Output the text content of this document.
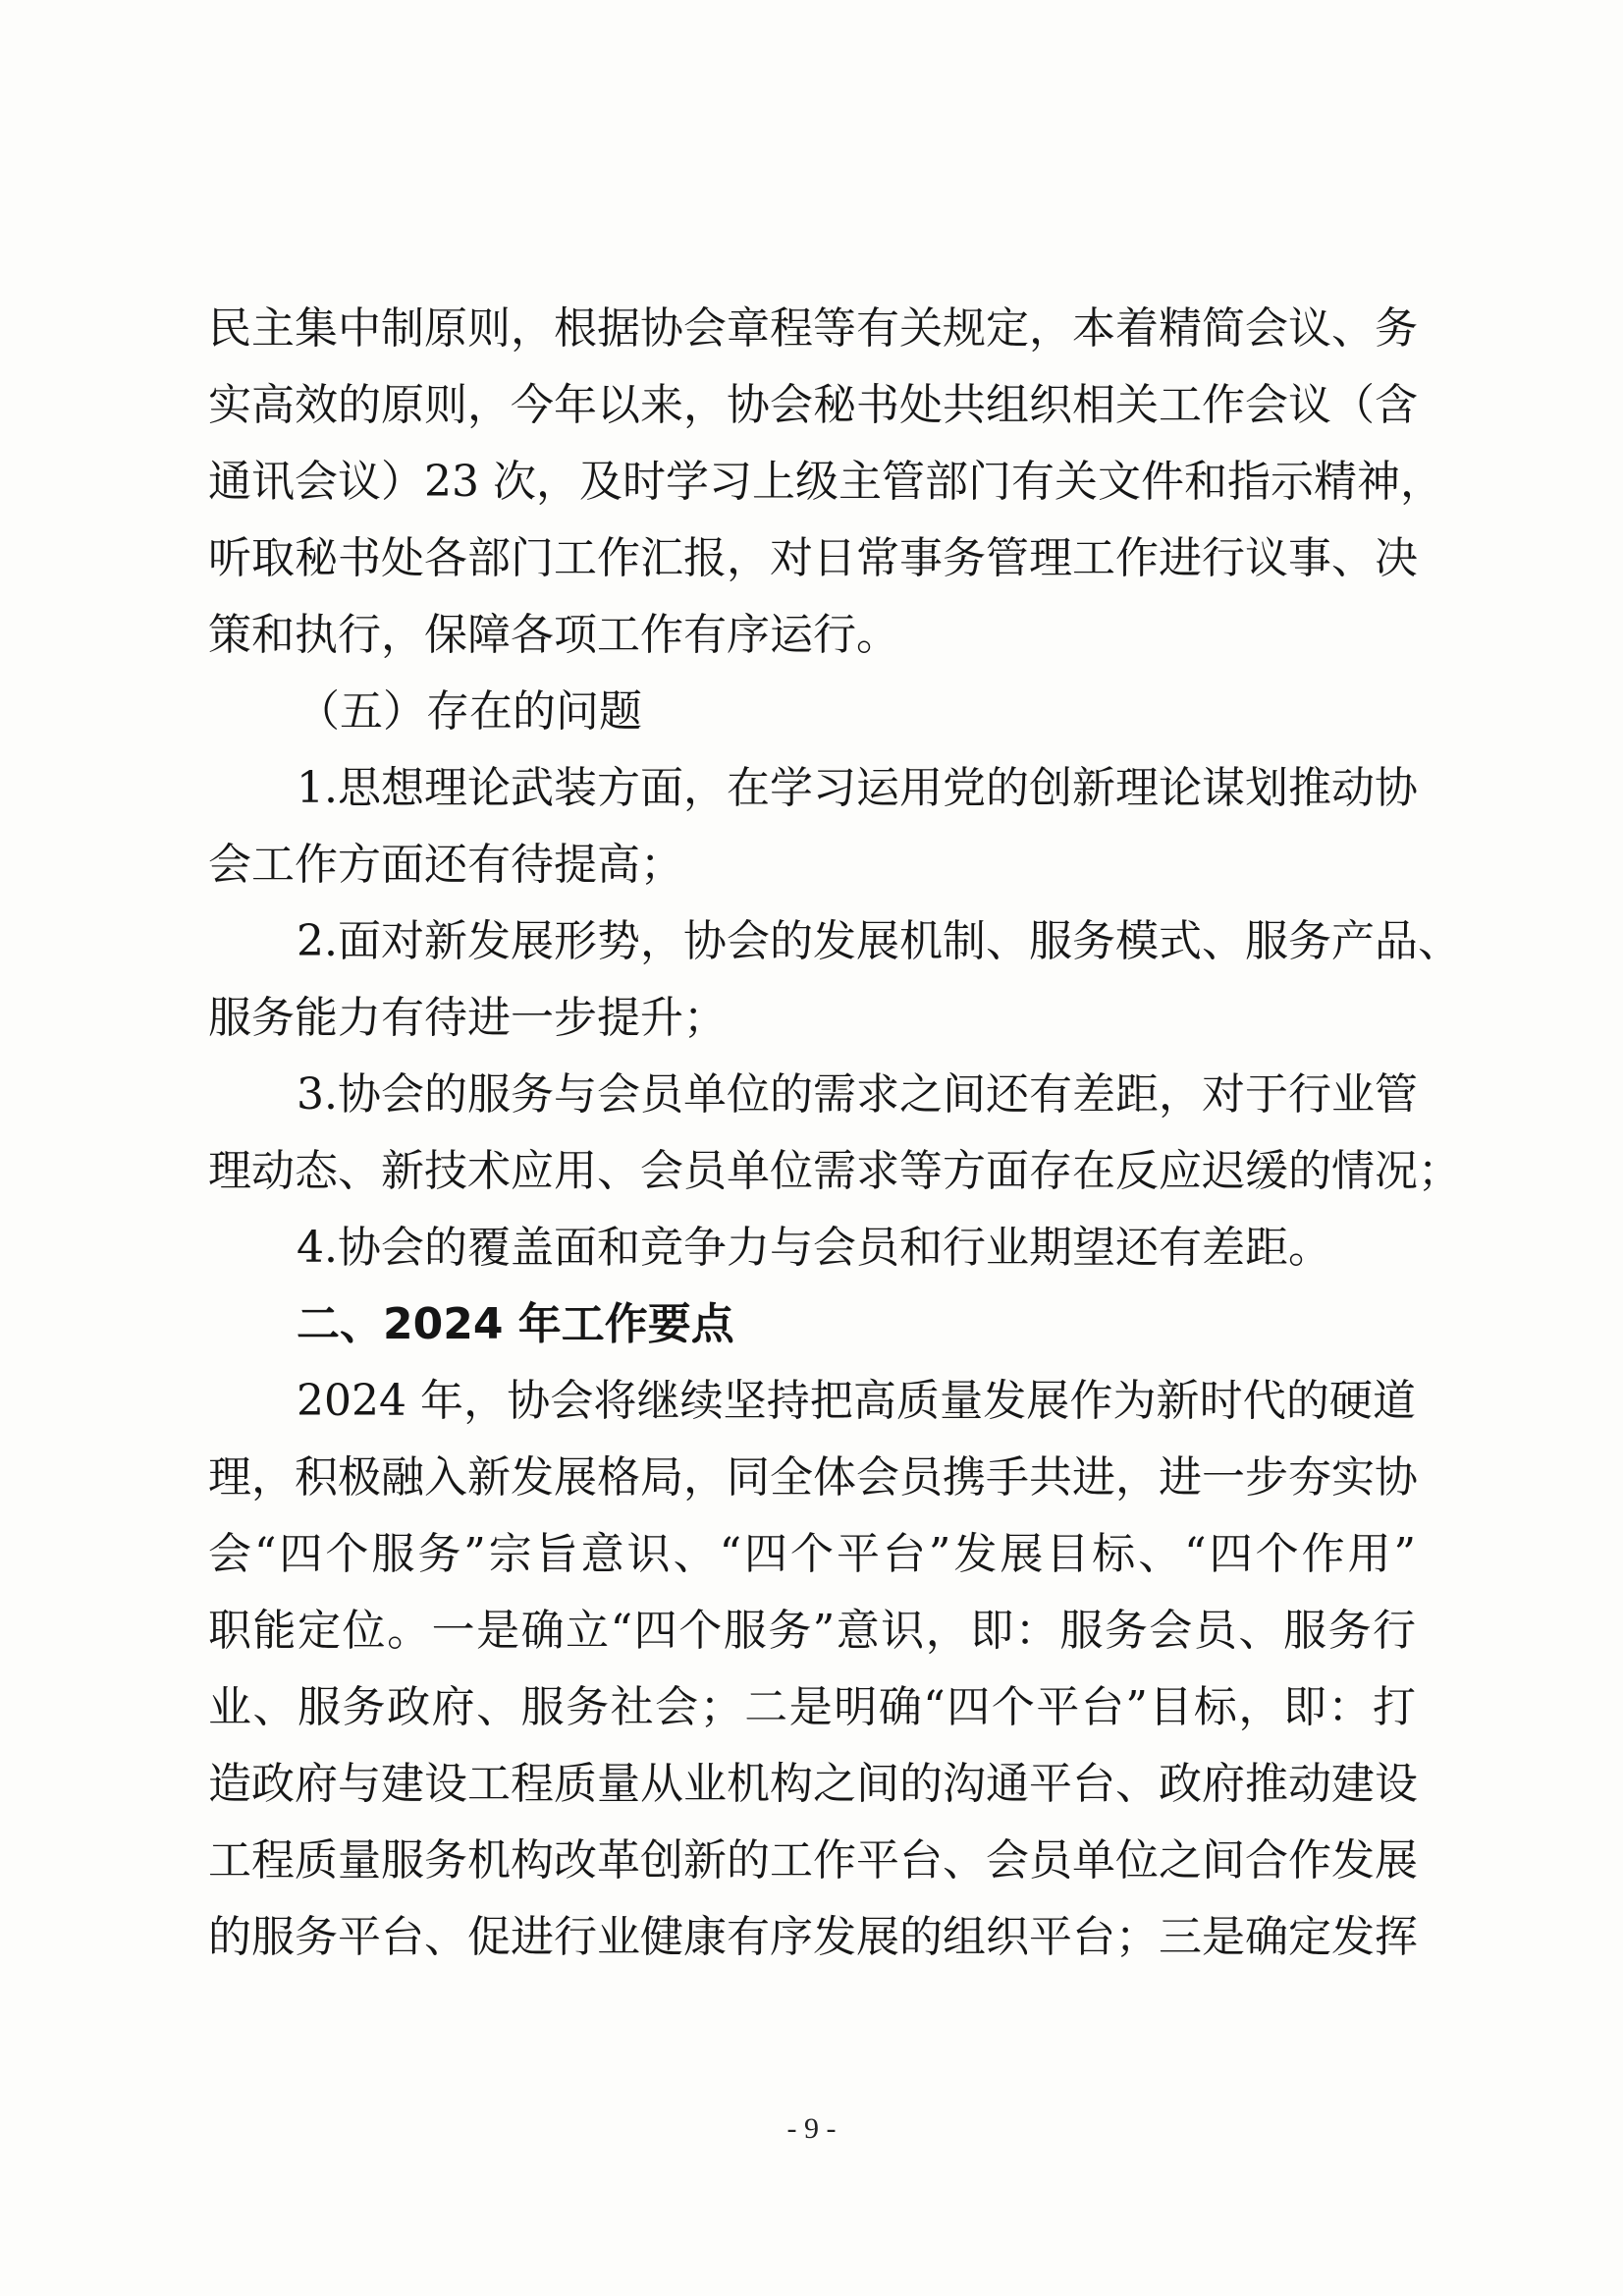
民主集中制原则，根据协会章程等有关规定，本着精简会议、务
实高效的原则，今年以来，协会秘书处共组织相关工作会议（含
通讯会议）23 次，及时学习上级主管部门有关文件和指示精神，
听取秘书处各部门工作汇报，对日常事务管理工作进行议事、决
策和执行，保障各项工作有序运行。
（五）存在的问题
1.思想理论武装方面，在学习运用党的创新理论谋划推动协
会工作方面还有待提高；
2.面对新发展形势，协会的发展机制、服务模式、服务产品、
服务能力有待进一步提升；
3.协会的服务与会员单位的需求之间还有差距，对于行业管
理动态、新技术应用、会员单位需求等方面存在反应迟缓的情况；
4.协会的覆盖面和竞争力与会员和行业期望还有差距。
二、2024 年工作要点
2024 年，协会将继续坚持把高质量发展作为新时代的硬道
理，积极融入新发展格局，同全体会员携手共进，进一步夯实协
会“四个服务”宗旨意识、“四个平台”发展目标、“四个作用”
职能定位。一是确立“四个服务”意识，即：服务会员、服务行
业、服务政府、服务社会；二是明确“四个平台”目标，即：打
造政府与建设工程质量从业机构之间的沟通平台、政府推动建设
工程质量服务机构改革创新的工作平台、会员单位之间合作发展
的服务平台、促进行业健康有序发展的组织平台；三是确定发挥
- 9 -
